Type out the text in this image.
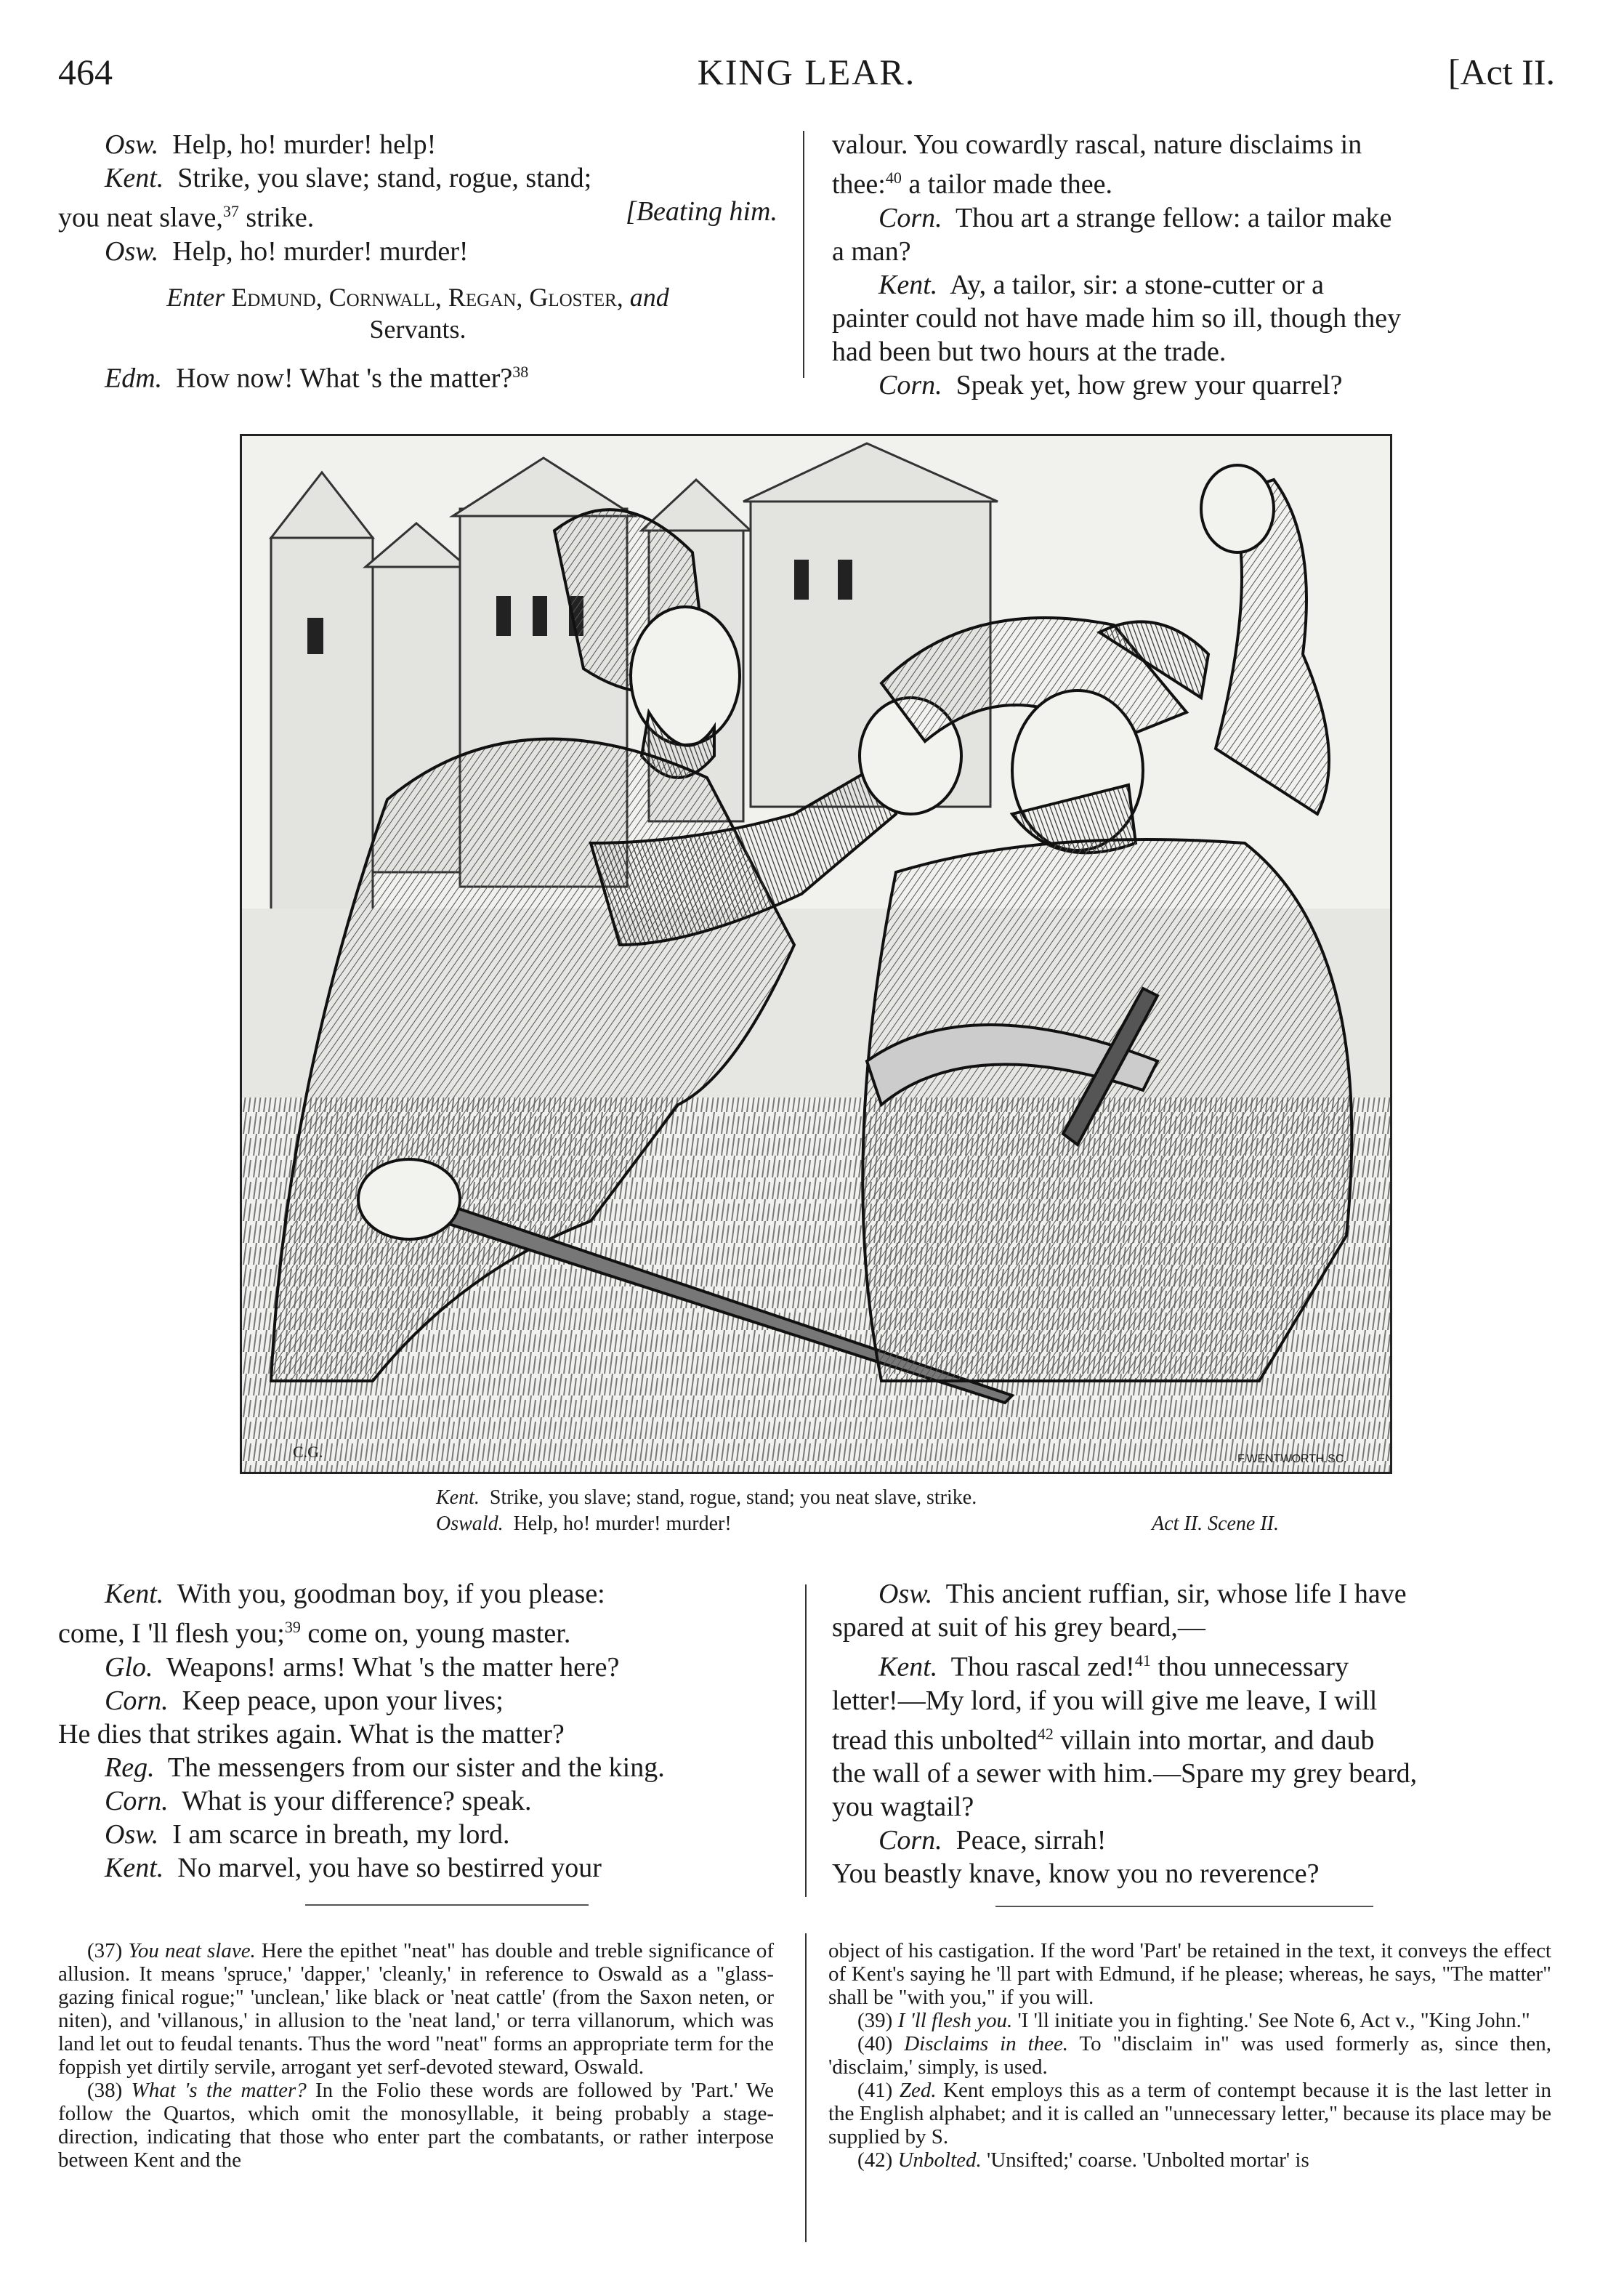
464	KING LEAR.	[Act II.

Osw. Help, ho! murder! help!

Kent. Strike, you slave; stand, rogue, stand;

you neat slave,$^{37}$ strike.	[Beating him.

Osw. Help, ho! murder! murder!

Enter Edmund, Cornwall, Regan, Gloster, and
Servants.

Edm. How now! What 's the matter?$^{38}$

valour. You cowardly rascal, nature disclaims in

thee:$^{40}$ a tailor made thee.

Corn. Thou art a strange fellow: a tailor make

a man?

Kent. Ay, a tailor, sir: a stone-cutter or a

painter could not have made him so ill, though they

had been but two hours at the trade.

Corn. Speak yet, how grew your quarrel?

C.G.	F.WENTWORTH.SC.
Kent. Strike, you slave; stand, rogue, stand; you neat slave, strike.
Oswald. Help, ho! murder! murder!	Act II. Scene II.

Kent. With you, goodman boy, if you please:

come, I 'll flesh you;$^{39}$ come on, young master.

Glo. Weapons! arms! What 's the matter here?

Corn. Keep peace, upon your lives;

He dies that strikes again. What is the matter?

Reg. The messengers from our sister and the king.

Corn. What is your difference? speak.

Osw. I am scarce in breath, my lord.

Kent. No marvel, you have so bestirred your

Osw. This ancient ruffian, sir, whose life I have

spared at suit of his grey beard,—

Kent. Thou rascal zed!$^{41}$ thou unnecessary

letter!—My lord, if you will give me leave, I will

tread this unbolted$^{42}$ villain into mortar, and daub

the wall of a sewer with him.—Spare my grey beard,

you wagtail?

Corn. Peace, sirrah!

You beastly knave, know you no reverence?

(37) You neat slave. Here the epithet "neat" has double and treble significance of allusion. It means 'spruce,' 'dapper,' 'cleanly,' in reference to Oswald as a "glass-gazing finical rogue;" 'unclean,' like black or 'neat cattle' (from the Saxon neten, or niten), and 'villanous,' in allusion to the 'neat land,' or terra villanorum, which was land let out to feudal tenants. Thus the word "neat" forms an appropriate term for the foppish yet dirtily servile, arrogant yet serf-devoted steward, Oswald.

(38) What 's the matter? In the Folio these words are followed by 'Part.' We follow the Quartos, which omit the monosyllable, it being probably a stage-direction, indicating that those who enter part the combatants, or rather interpose between Kent and the

object of his castigation. If the word 'Part' be retained in the text, it conveys the effect of Kent's saying he 'll part with Edmund, if he please; whereas, he says, "The matter" shall be "with you," if you will.

(39) I 'll flesh you. 'I 'll initiate you in fighting.' See Note 6, Act v., "King John."

(40) Disclaims in thee. To "disclaim in" was used formerly as, since then, 'disclaim,' simply, is used.

(41) Zed. Kent employs this as a term of contempt because it is the last letter in the English alphabet; and it is called an "unnecessary letter," because its place may be supplied by S.

(42) Unbolted. 'Unsifted;' coarse. 'Unbolted mortar' is
